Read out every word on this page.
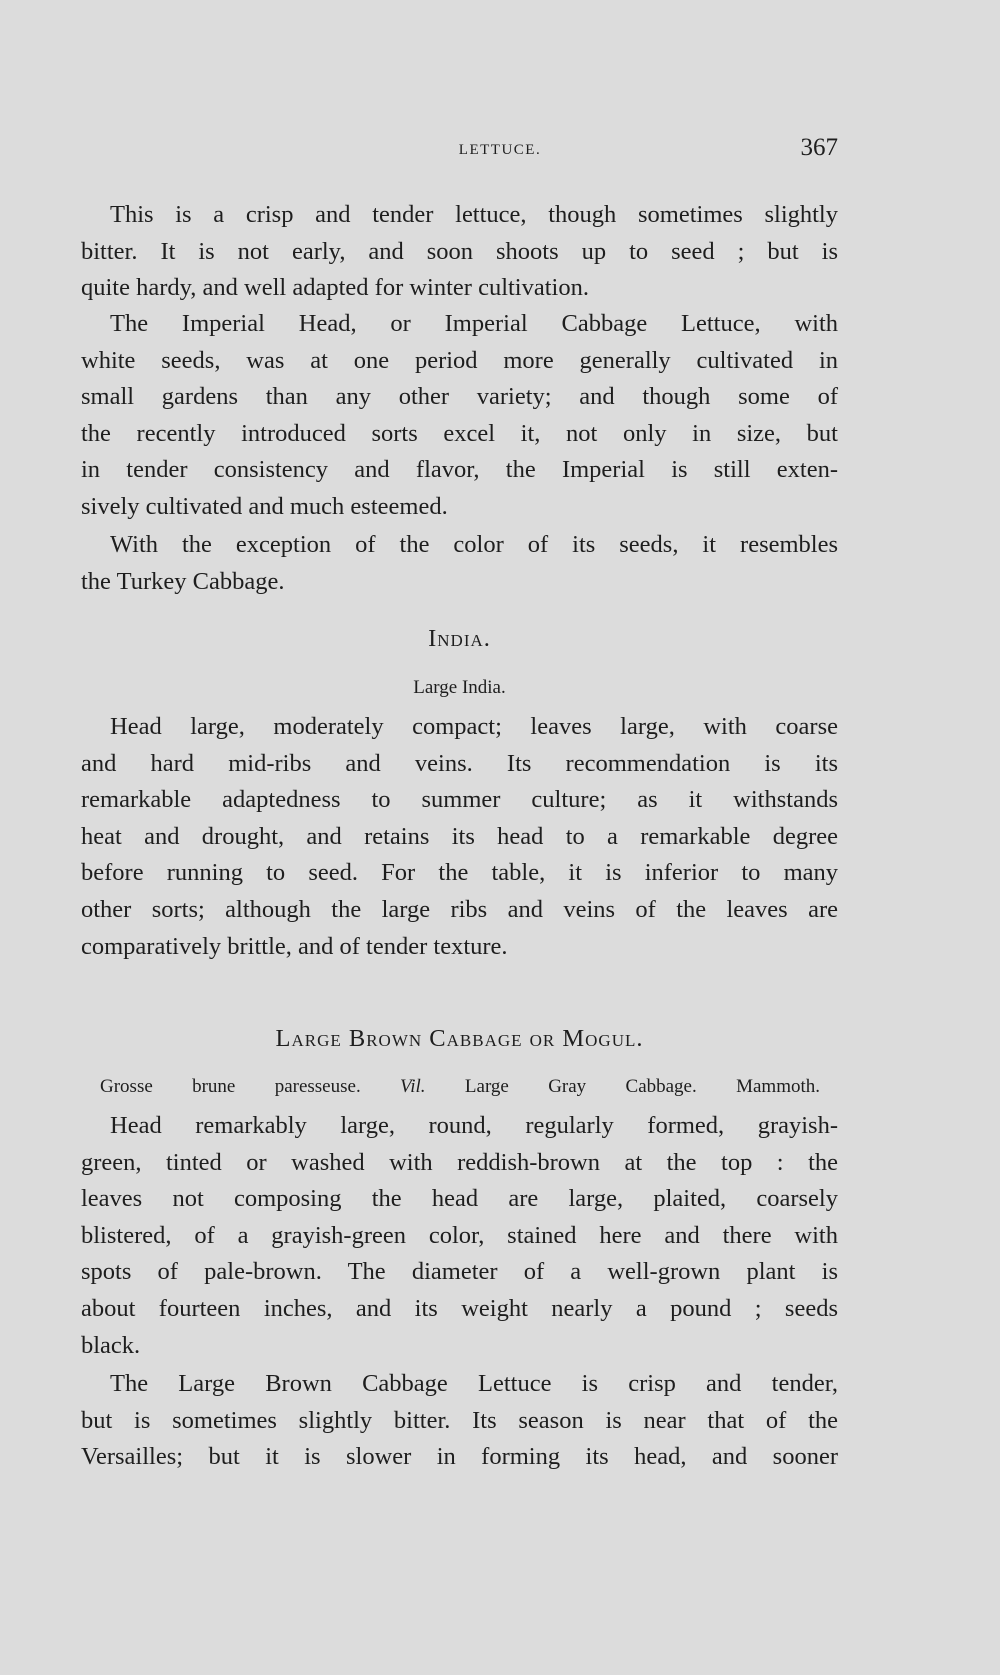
LETTUCE.	367
This is a crisp and tender lettuce, though sometimes slightly
bitter. It is not early, and soon shoots up to seed ; but is
quite hardy, and well adapted for winter cultivation.
The Imperial Head, or Imperial Cabbage Lettuce, with
white seeds, was at one period more generally cultivated in
small gardens than any other variety; and though some of
the recently introduced sorts excel it, not only in size, but
in tender consistency and flavor, the Imperial is still exten-
sively cultivated and much esteemed.
With the exception of the color of its seeds, it resembles
the Turkey Cabbage.
India.
Large India.
Head large, moderately compact; leaves large, with coarse
and hard mid-ribs and veins. Its recommendation is its
remarkable adaptedness to summer culture; as it withstands
heat and drought, and retains its head to a remarkable degree
before running to seed. For the table, it is inferior to many
other sorts; although the large ribs and veins of the leaves are
comparatively brittle, and of tender texture.
Large Brown Cabbage or Mogul.
Grosse brune paresseuse. Vil. Large Gray Cabbage. Mammoth.
Head remarkably large, round, regularly formed, grayish-
green, tinted or washed with reddish-brown at the top : the
leaves not composing the head are large, plaited, coarsely
blistered, of a grayish-green color, stained here and there with
spots of pale-brown. The diameter of a well-grown plant is
about fourteen inches, and its weight nearly a pound ; seeds
black.
The Large Brown Cabbage Lettuce is crisp and tender,
but is sometimes slightly bitter. Its season is near that of the
Versailles; but it is slower in forming its head, and sooner
